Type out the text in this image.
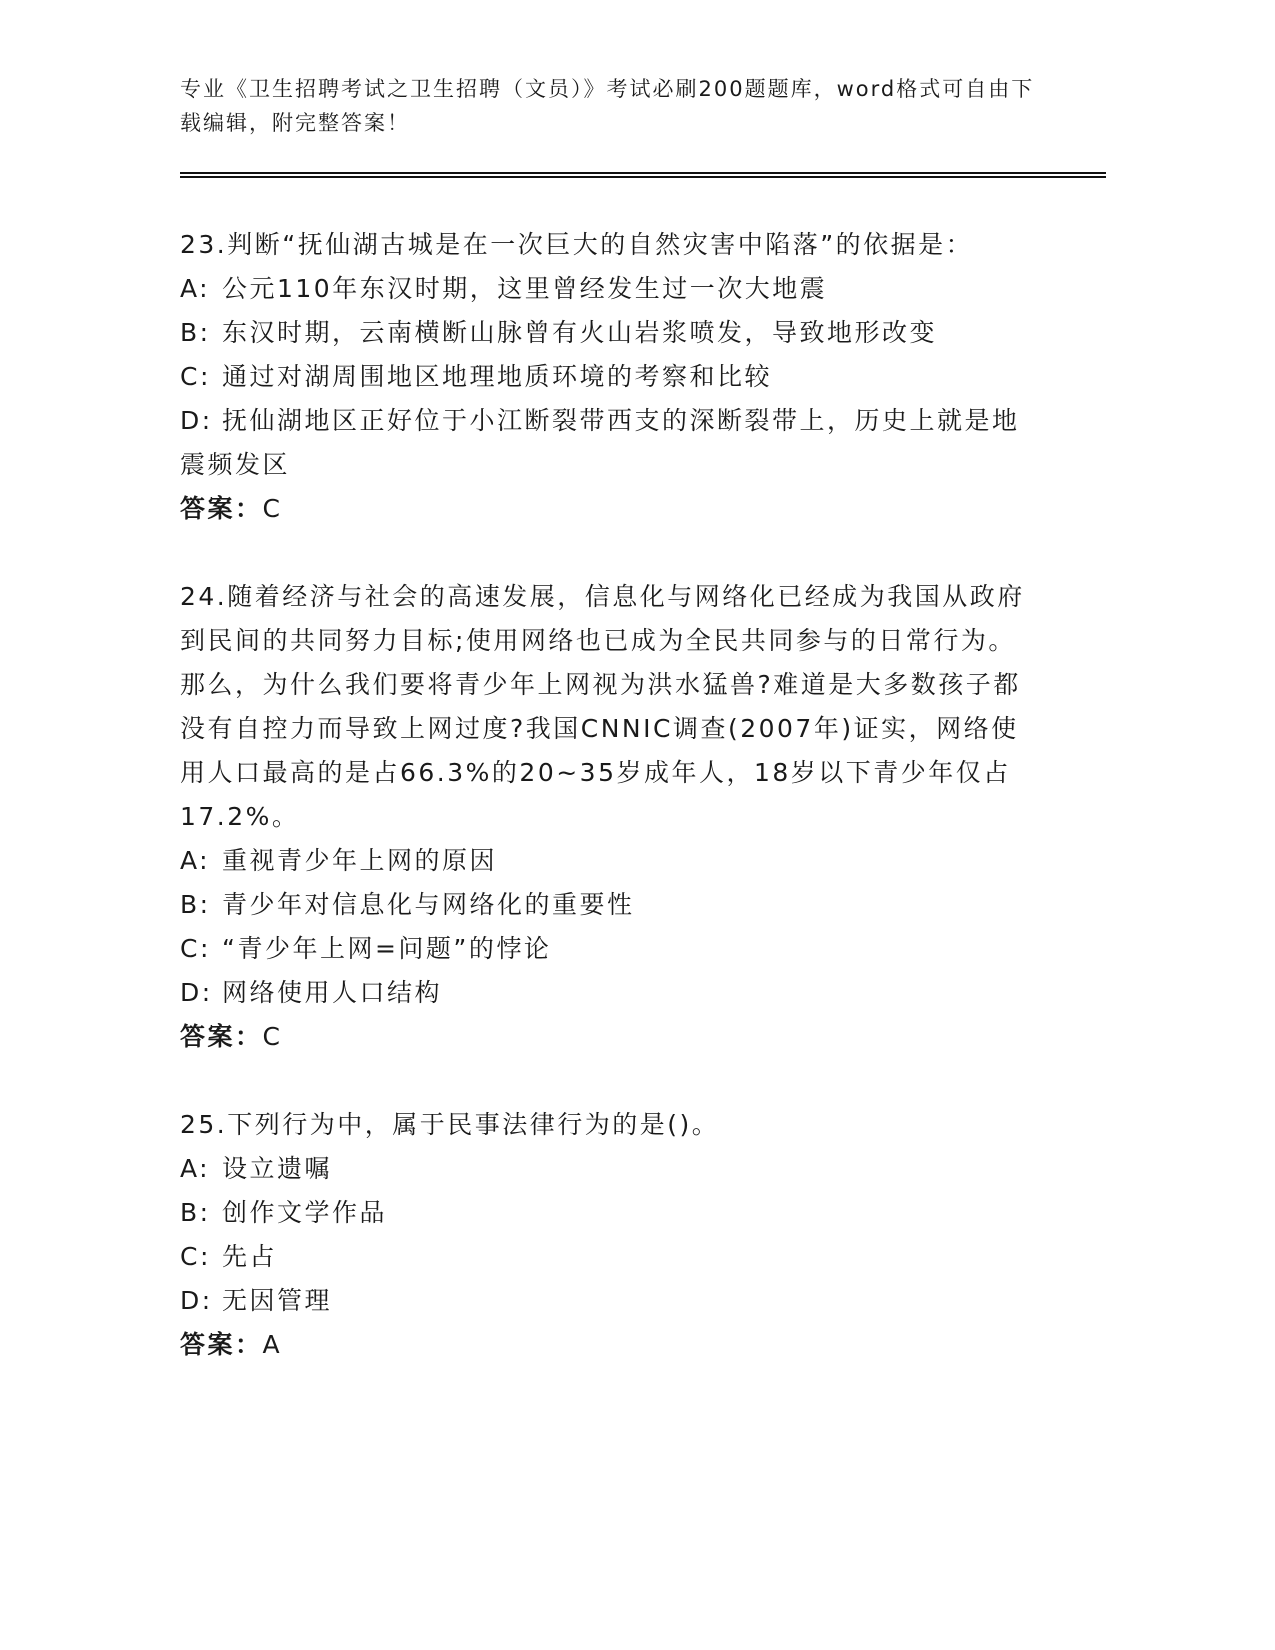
专业《卫生招聘考试之卫生招聘（文员）》考试必刷200题题库，word格式可自由下载编辑，附完整答案！
23.判断“抚仙湖古城是在一次巨大的自然灾害中陷落”的依据是：
A: 公元110年东汉时期，这里曾经发生过一次大地震
B: 东汉时期，云南横断山脉曾有火山岩浆喷发，导致地形改变
C: 通过对湖周围地区地理地质环境的考察和比较
D: 抚仙湖地区正好位于小江断裂带西支的深断裂带上，历史上就是地震频发区
答案：C
24.随着经济与社会的高速发展，信息化与网络化已经成为我国从政府到民间的共同努力目标;使用网络也已成为全民共同参与的日常行为。那么，为什么我们要将青少年上网视为洪水猛兽?难道是大多数孩子都没有自控力而导致上网过度?我国CNNIC调查(2007年)证实，网络使用人口最高的是占66.3%的20~35岁成年人，18岁以下青少年仅占17.2%。
A: 重视青少年上网的原因
B: 青少年对信息化与网络化的重要性
C: “青少年上网=问题”的悖论
D: 网络使用人口结构
答案：C
25.下列行为中，属于民事法律行为的是()。
A: 设立遗嘱
B: 创作文学作品
C: 先占
D: 无因管理
答案：A
